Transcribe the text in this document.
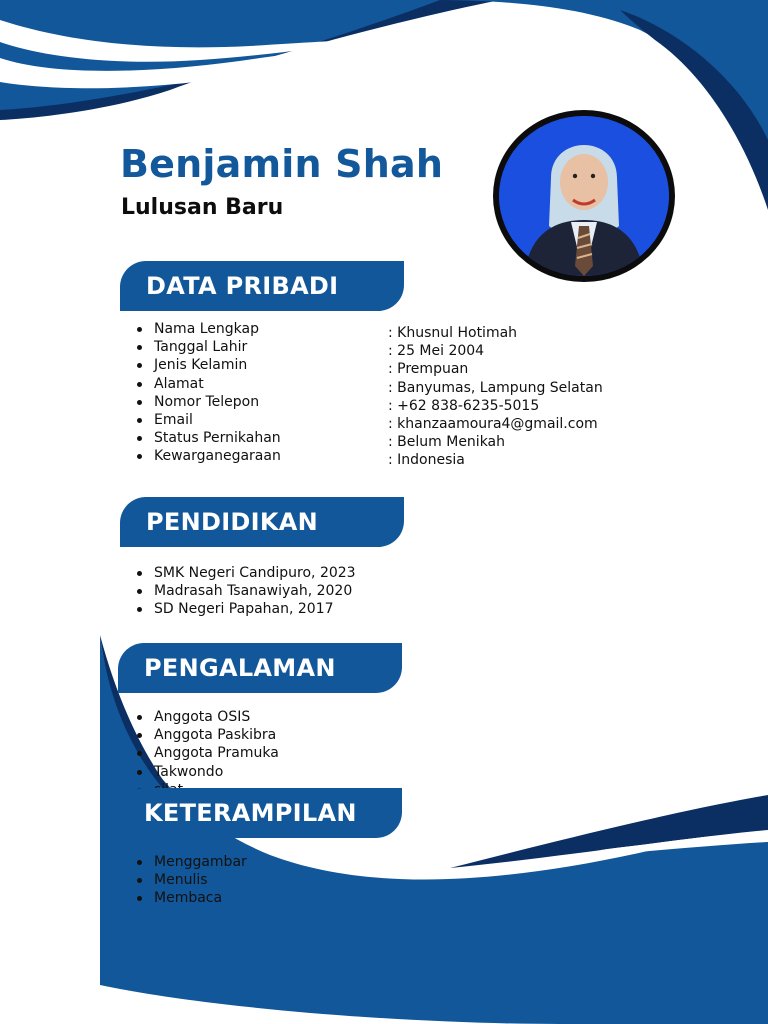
Benjamin Shah
Lulusan Baru
DATA PRIBADI
Nama Lengkap
Tanggal Lahir
Jenis Kelamin
Alamat
Nomor Telepon
Email
Status Pernikahan
Kewarganegaraan
: Khusnul Hotimah
: 25 Mei 2004
: Prempuan
: Banyumas, Lampung Selatan
: +62 838-6235-5015
: khanzaamoura4@gmail.com
: Belum Menikah
: Indonesia
PENDIDIKAN
SMK Negeri Candipuro, 2023
Madrasah Tsanawiyah, 2020
SD Negeri Papahan, 2017
PENGALAMAN
Anggota OSIS
Anggota Paskibra
Anggota Pramuka
Takwondo
KETERAMPILAN
Menggambar
Menulis
Membaca
